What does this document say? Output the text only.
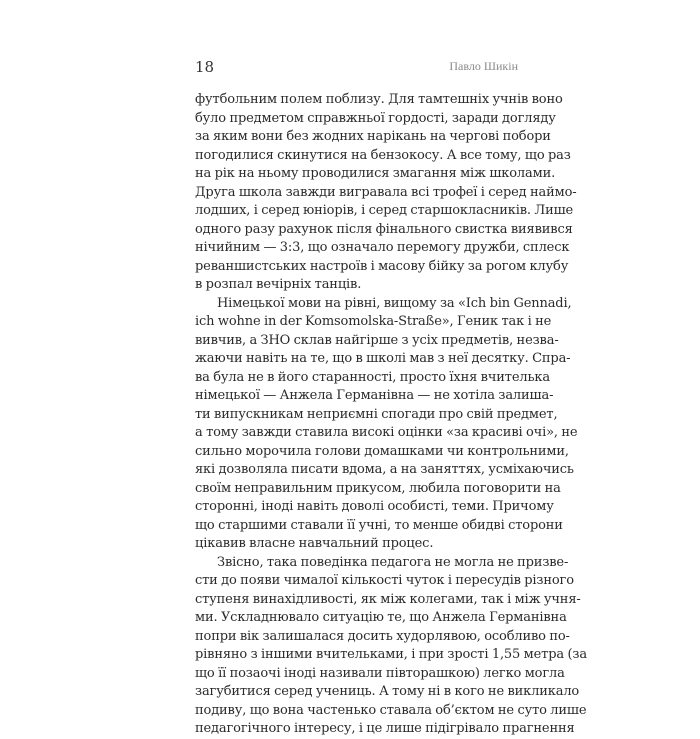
18	Павло Шикін
футбольним полем поблизу. Для тамтешніх учнів воно
було предметом справжньої гордості, заради догляду
за яким вони без жодних нарікань на чергові побори
погодилися скинутися на бензокосу. А все тому, що раз
на рік на ньому проводилися змагання між школами.
Друга школа завжди вигравала всі трофеї і серед наймо-
лодших, і серед юніорів, і серед старшокласників. Лише
одного разу рахунок після фінального свистка виявився
нічийним — 3:3, що означало перемогу дружби, сплеск
реваншистських настроїв і масову бійку за рогом клубу
в розпал вечірніх танців.
Німецької мови на рівні, вищому за «Ich bin Gennadi,
ich wohne in der Komsomolska-Straße», Геник так і не
вивчив, а ЗНО склав найгірше з усіх предметів, незва-
жаючи навіть на те, що в школі мав з неї десятку. Спра-
ва була не в його старанності, просто їхня вчителька
німецької — Анжела Германівна — не хотіла залиша-
ти випускникам неприємні спогади про свій предмет,
а тому завжди ставила високі оцінки «за красиві очі», не
сильно морочила голови домашками чи контрольними,
які дозволяла писати вдома, а на заняттях, усміхаючись
своїм неправильним прикусом, любила поговорити на
сторонні, іноді навіть доволі особисті, теми. Причому
що старшими ставали її учні, то менше обидві сторони
цікавив власне навчальний процес.
Звісно, така поведінка педагога не могла не призве-
сти до появи чималої кількості чуток і пересудів різного
ступеня винахідливості, як між колегами, так і між учня-
ми. Ускладнювало ситуацію те, що Анжела Германівна
попри вік залишалася досить худорлявою, особливо по-
рівняно з іншими вчительками, і при зрості 1,55 метра (за
що її позаочі іноді називали півторашкою) легко могла
загубитися серед учениць. А тому ні в кого не викликало
подиву, що вона частенько ставала об’єктом не суто лише
педагогічного інтересу, і це лише підігрівало прагнення
